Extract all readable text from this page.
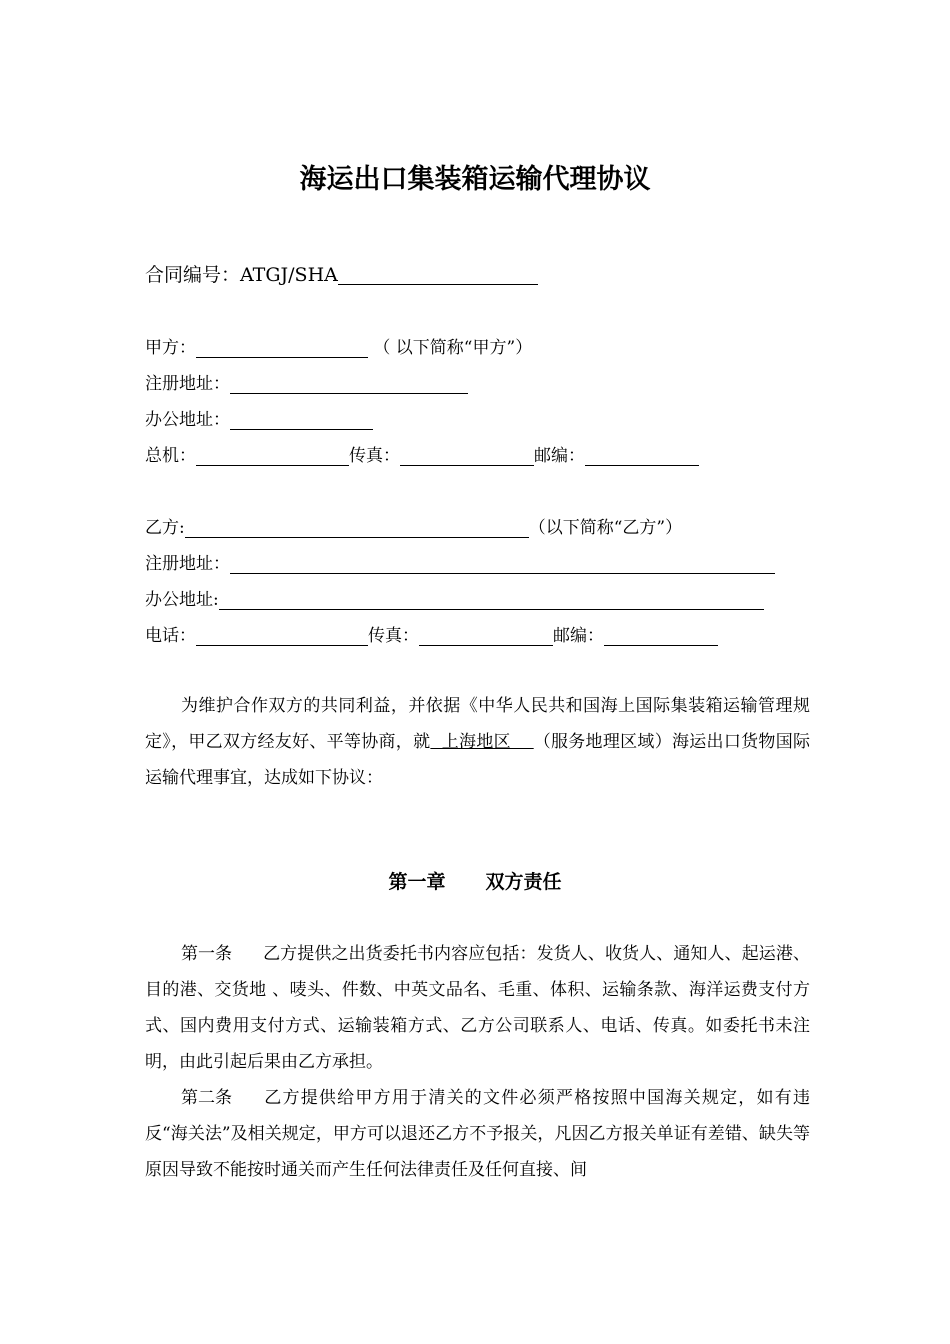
海运出口集装箱运输代理协议
合同编号：ATGJ/SHA
甲方：	（ 以下简称“甲方”）
注册地址：
办公地址：
总机：	传真：	邮编：
乙方:	（以下简称“乙方”）
注册地址：
办公地址:
电话：	传真：	邮编：
为维护合作双方的共同利益，并依据《中华人民共和国海上国际集装箱运输管理规定》，甲乙双方经友好、平等协商，就  上海地区    （服务地理区域）海运出口货物国际运输代理事宜，达成如下协议：
第一章 双方责任
第一条 乙方提供之出货委托书内容应包括：发货人、收货人、通知人、起运港、目的港、交货地 、唛头、件数、中英文品名、毛重、体积、运输条款、海洋运费支付方式、国内费用支付方式、运输装箱方式、乙方公司联系人、电话、传真。如委托书未注明，由此引起后果由乙方承担。
第二条 乙方提供给甲方用于清关的文件必须严格按照中国海关规定，如有违反“海关法”及相关规定，甲方可以退还乙方不予报关，凡因乙方报关单证有差错、缺失等原因导致不能按时通关而产生任何法律责任及任何直接、间
